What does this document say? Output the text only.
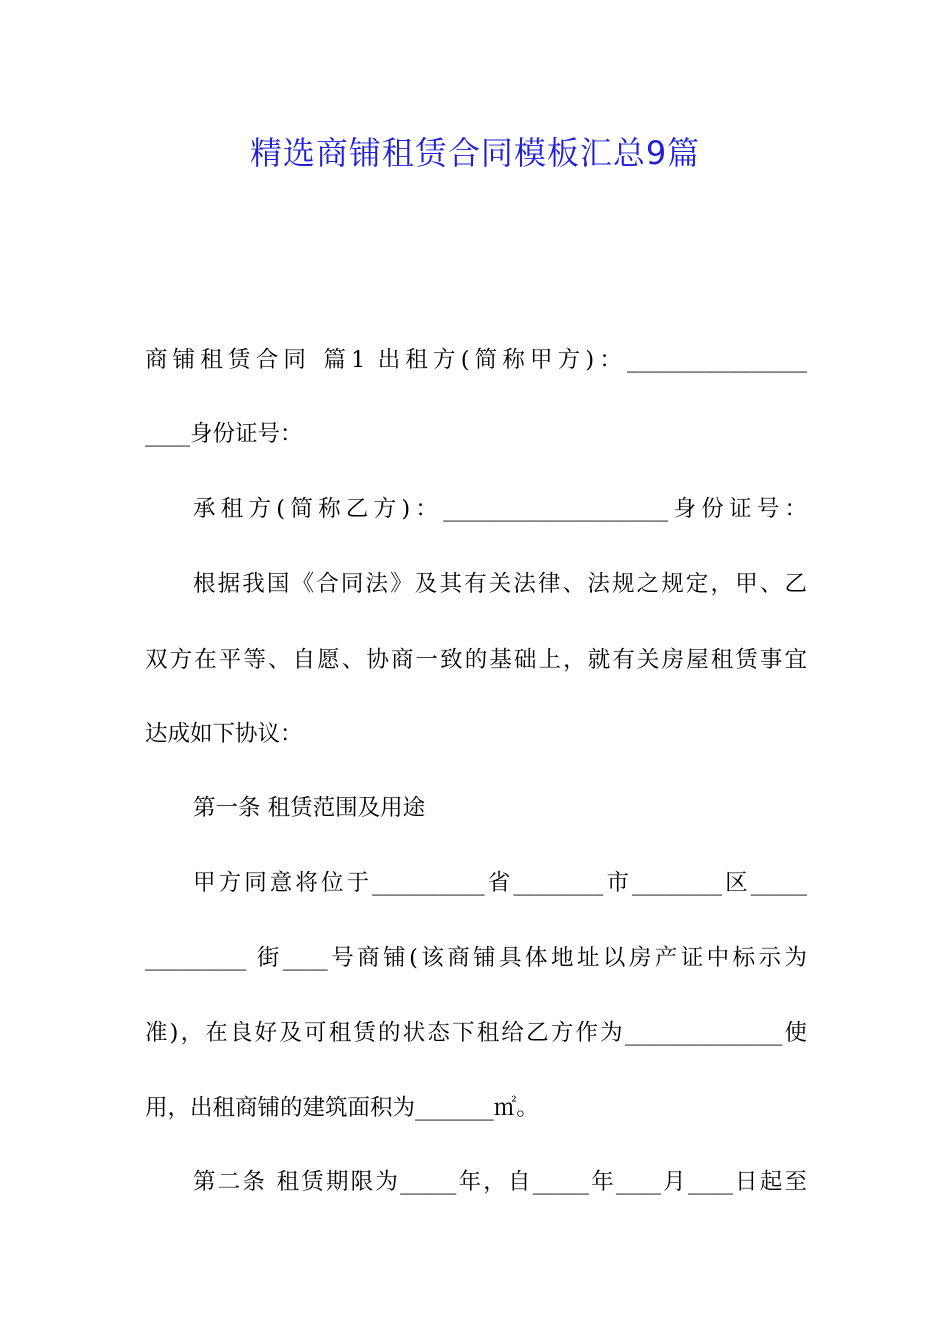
精选商铺租赁合同模板汇总9篇
商铺租赁合同 篇1 出租方(简称甲方)：________________
____身份证号：
承租方(简称乙方)：____________________身份证号：
根据我国《合同法》及其有关法律、法规之规定，甲、乙
双方在平等、自愿、协商一致的基础上，就有关房屋租赁事宜
达成如下协议：
第一条 租赁范围及用途
甲方同意将位于__________省________市________区_____
_________ 街____号商铺(该商铺具体地址以房产证中标示为
准)，在良好及可租赁的状态下租给乙方作为______________使
用，出租商铺的建筑面积为_______㎡。
第二条 租赁期限为_____年，自_____年____月____日起至
